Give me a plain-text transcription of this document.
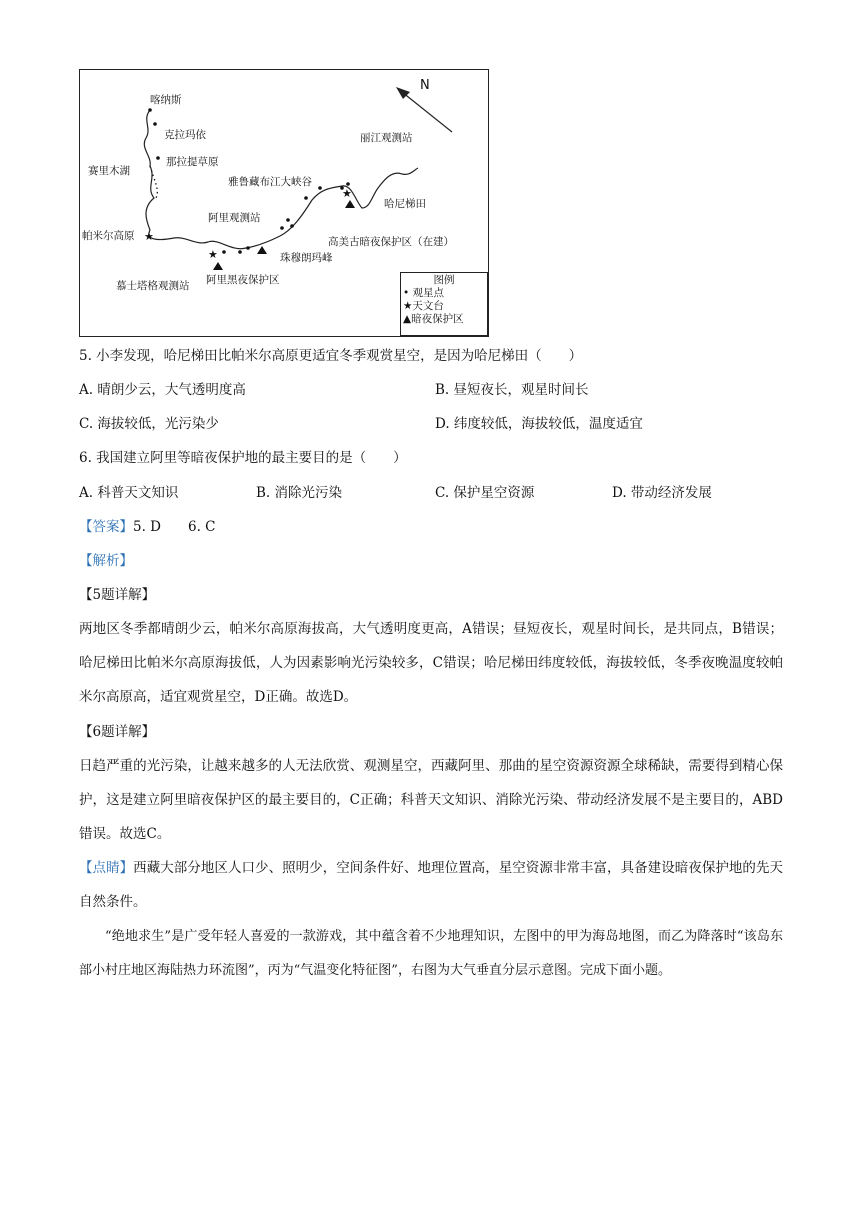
★
★
★
N
喀纳斯
克拉玛依
那拉提草原
赛里木湖
帕米尔高原
慕士塔格观测站
阿里观测站
阿里黑夜保护区
雅鲁藏布江大峡谷
珠穆朗玛峰
丽江观测站
哈尼梯田
高美古暗夜保护区（在建）
图例
• 观星点
★天文台
▲暗夜保护区
5. 小李发现，哈尼梯田比帕米尔高原更适宜冬季观赏星空，是因为哈尼梯田（　　）
A. 晴朗少云，大气透明度高	B. 昼短夜长，观星时间长
C. 海拔较低，光污染少	D. 纬度较低，海拔较低，温度适宜
6. 我国建立阿里等暗夜保护地的最主要目的是（　　）
A. 科普天文知识	B. 消除光污染	C. 保护星空资源	D. 带动经济发展
【答案】5. D　　6. C
【解析】
【5题详解】
两地区冬季都晴朗少云，帕米尔高原海拔高，大气透明度更高，A错误；昼短夜长，观星时间长，是共同点，B错误；哈尼梯田比帕米尔高原海拔低，人为因素影响光污染较多，C错误；哈尼梯田纬度较低，海拔较低，冬季夜晚温度较帕米尔高原高，适宜观赏星空，D正确。故选D。
【6题详解】
日趋严重的光污染，让越来越多的人无法欣赏、观测星空，西藏阿里、那曲的星空资源资源全球稀缺，需要得到精心保护，这是建立阿里暗夜保护区的最主要目的，C正确；科普天文知识、消除光污染、带动经济发展不是主要目的，ABD错误。故选C。
【点睛】西藏大部分地区人口少、照明少，空间条件好、地理位置高，星空资源非常丰富，具备建设暗夜保护地的先天自然条件。
“绝地求生”是广受年轻人喜爱的一款游戏，其中蕴含着不少地理知识，左图中的甲为海岛地图，而乙为降落时“该岛东部小村庄地区海陆热力环流图”，丙为“气温变化特征图”，右图为大气垂直分层示意图。完成下面小题。
